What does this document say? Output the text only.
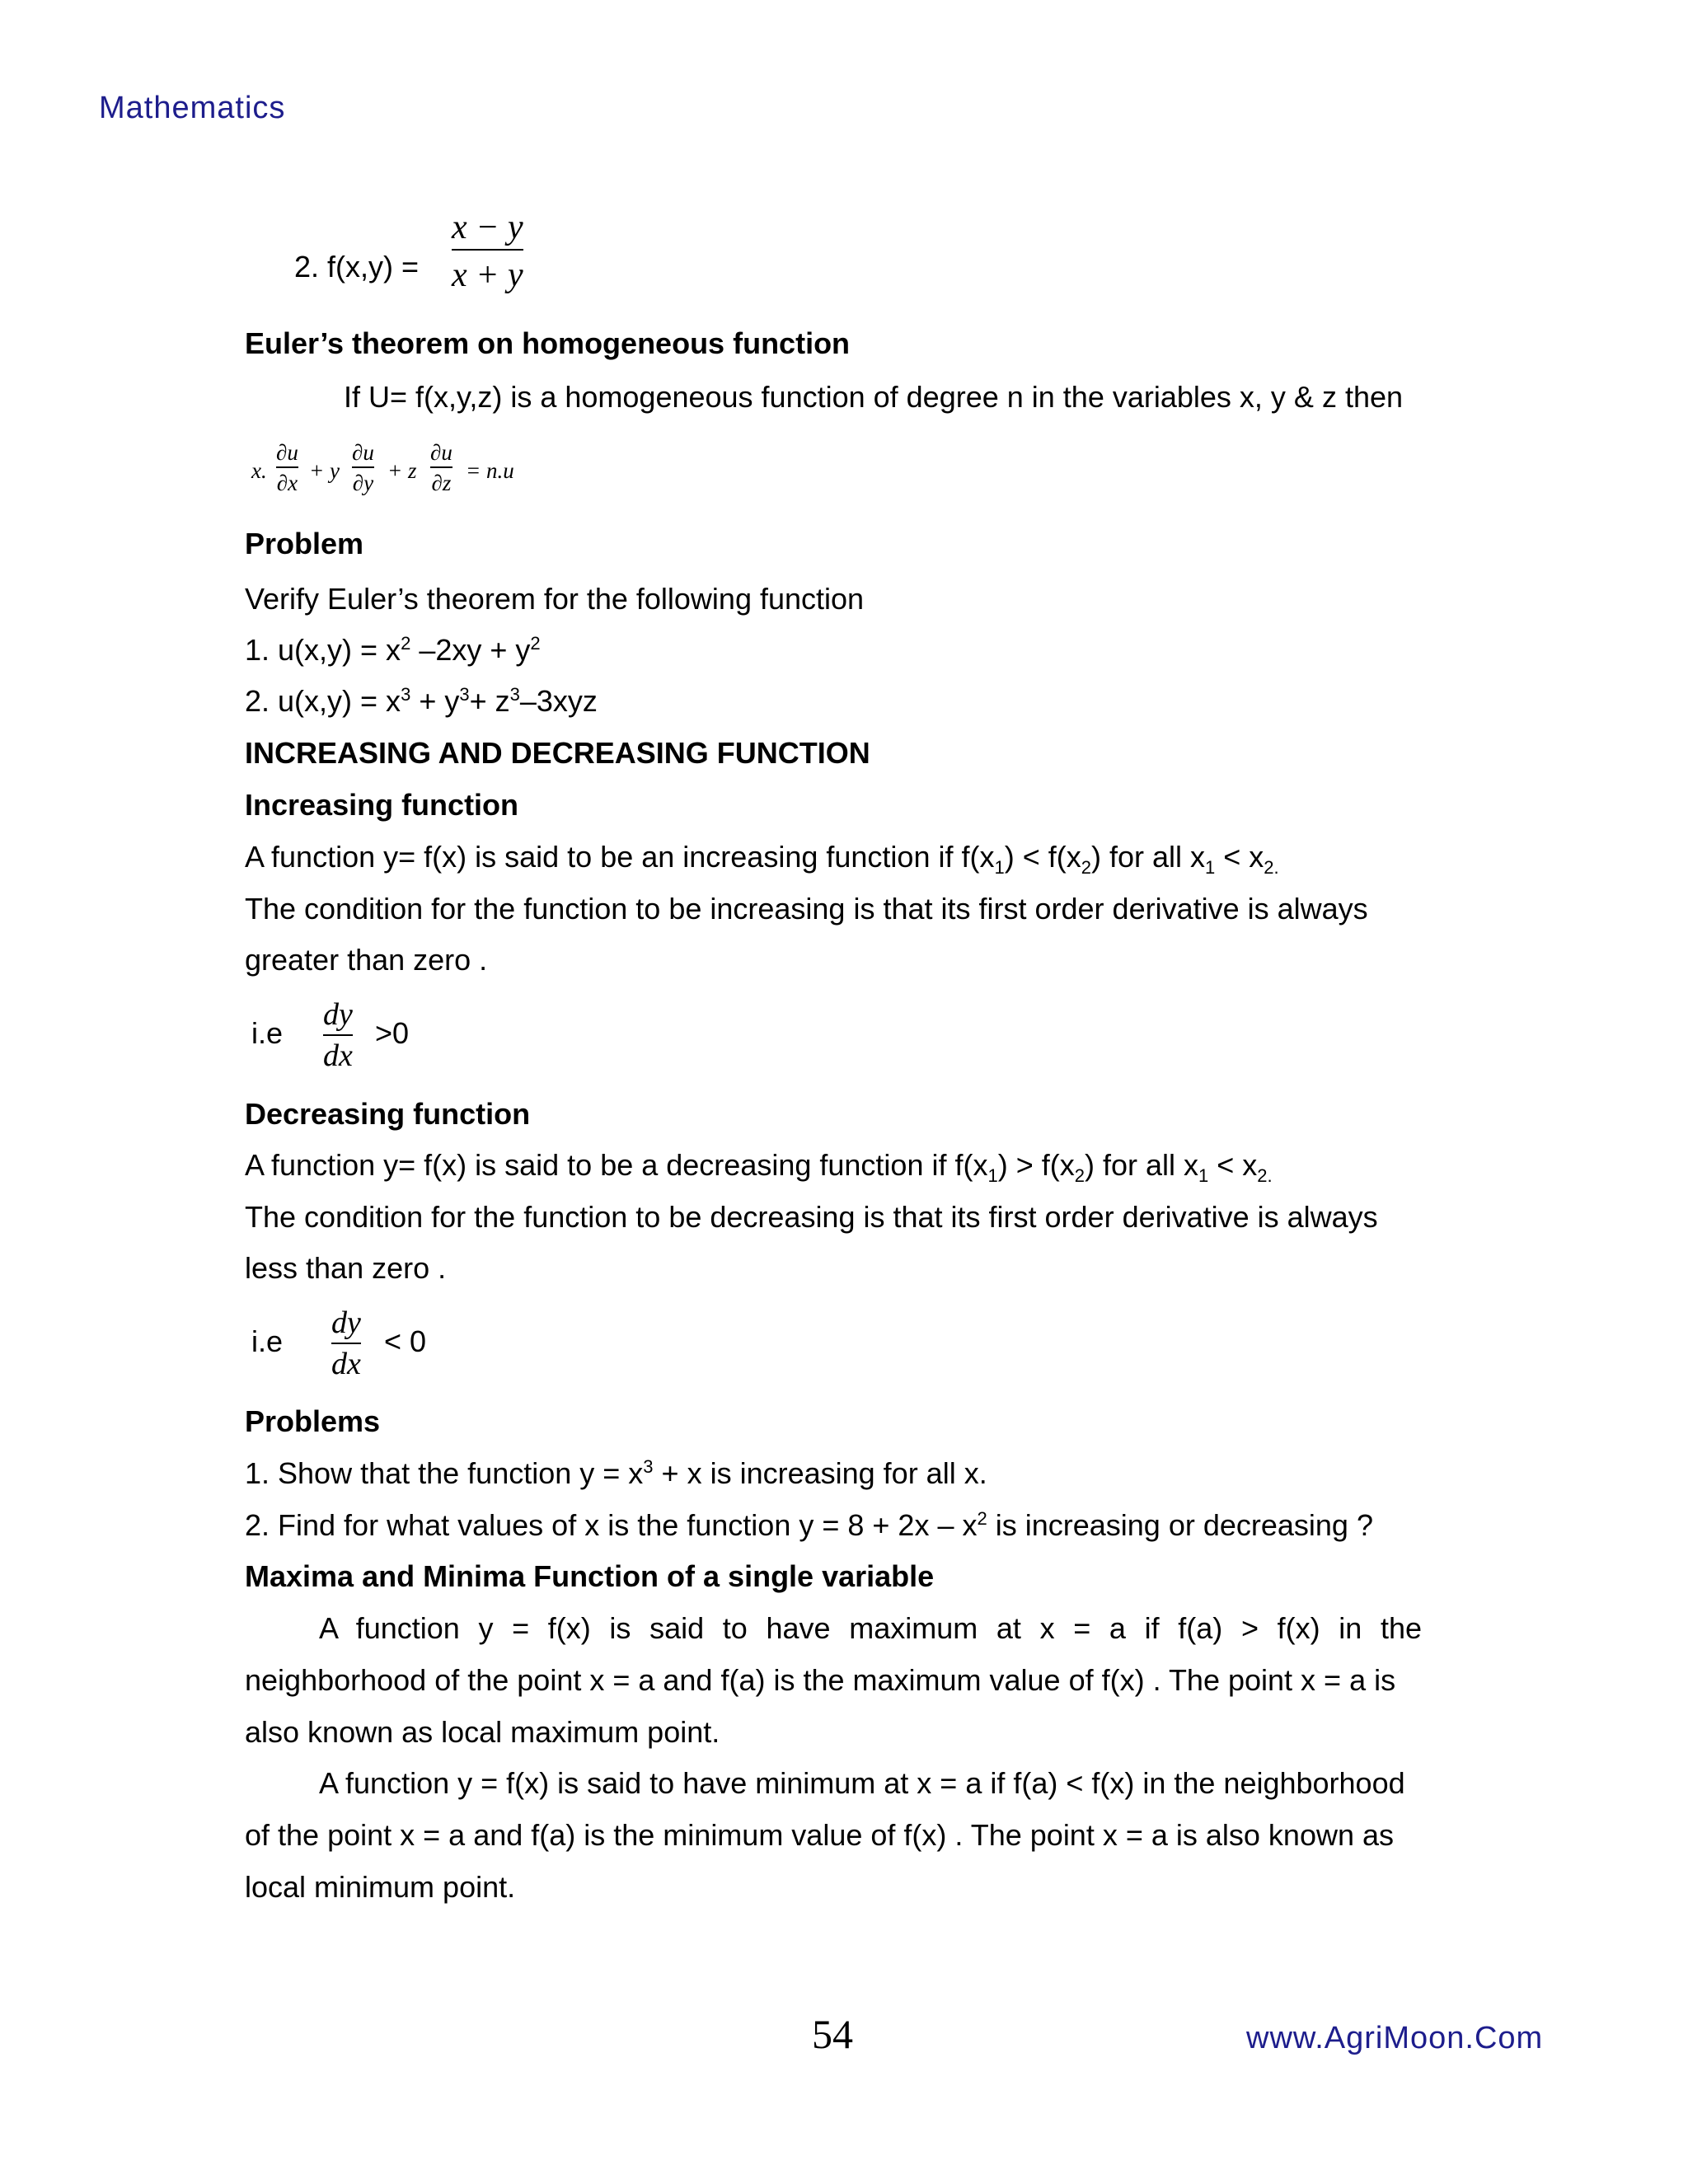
Mathematics
2. f(x,y) =
x − y
x + y
Euler’s theorem on homogeneous function
If U= f(x,y,z) is a homogeneous function of degree n in the variables x, y & z then
x.
∂u
∂x + y
∂u
∂y + z
∂u
∂z = n.u
Problem
Verify Euler’s theorem for the following function
1. $u(x,y) = x^2$ $-2xy + y^2$
2. $u(x,y) = x^3 + y^3+ z^3-3xyz$
INCREASING AND DECREASING FUNCTION
Increasing function
A function y= f(x) is said to be an increasing function if $f(x_1) < f(x_2)$ for all $x_1 < x_{2.}$
The condition for the function to be increasing is that its first order derivative is always
greater than zero .
i.e
dy
dx
>0
Decreasing function
A function y= f(x) is said to be a decreasing function if $f(x_1) > f(x_2)$ for all $x_1 < x_{2.}$
The condition for the function to be decreasing is that its first order derivative is always
less than zero .
i.e
dy
dx
< 0
Problems
1. Show that the function $y = x^3 + x$ is increasing for all x.
2. Find for what values of x is the function $y = 8 + 2x - x^2$ is increasing or decreasing ?
Maxima and Minima Function of a single variable
A function y = f(x) is said to have maximum at x = a if f(a) > f(x) in the
neighborhood of the point x = a and f(a) is the maximum value of f(x) . The point x = a is
also known as local maximum point.
A function y = f(x) is said to have minimum at x = a if f(a) < f(x) in the neighborhood
of the point x = a and f(a) is the minimum value of f(x) . The point x = a is also known as
local minimum point.
54	www.AgriMoon.Com
